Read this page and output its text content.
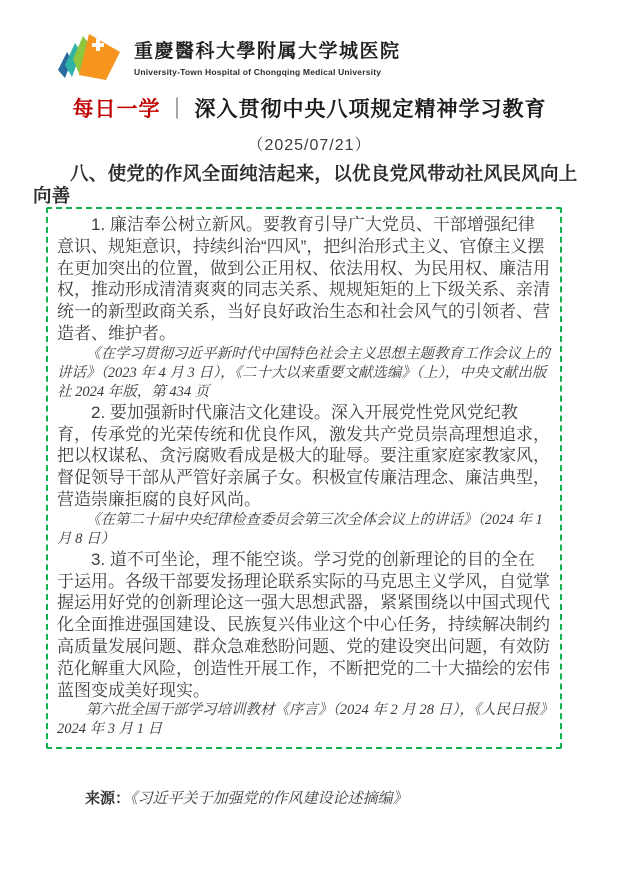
重慶醫科大學附属大学城医院
University-Town Hospital of Chongqing Medical University
每日一学 ｜ 深入贯彻中央八项规定精神学习教育
（2025/07/21）

八、使党的作风全面纯洁起来，以优良党风带动社风民风向上向善

1. 廉洁奉公树立新风。要教育引导广大党员、干部增强纪律意识、规矩意识，持续纠治“四风”，把纠治形式主义、官僚主义摆在更加突出的位置，做到公正用权、依法用权、为民用权、廉洁用权，推动形成清清爽爽的同志关系、规规矩矩的上下级关系、亲清统一的新型政商关系，当好良好政治生态和社会风气的引领者、营造者、维护者。

《在学习贯彻习近平新时代中国特色社会主义思想主题教育工作会议上的讲话》（2023 年 4 月 3 日），《二十大以来重要文献选编》（上），中央文献出版社 2024 年版，第 434 页

2. 要加强新时代廉洁文化建设。深入开展党性党风党纪教育，传承党的光荣传统和优良作风，激发共产党员崇高理想追求，把以权谋私、贪污腐败看成是极大的耻辱。要注重家庭家教家风，督促领导干部从严管好亲属子女。积极宣传廉洁理念、廉洁典型，营造崇廉拒腐的良好风尚。

《在第二十届中央纪律检查委员会第三次全体会议上的讲话》（2024 年 1 月 8 日）

3. 道不可坐论，理不能空谈。学习党的创新理论的目的全在于运用。各级干部要发扬理论联系实际的马克思主义学风，自觉掌握运用好党的创新理论这一强大思想武器，紧紧围绕以中国式现代化全面推进强国建设、民族复兴伟业这个中心任务，持续解决制约高质量发展问题、群众急难愁盼问题、党的建设突出问题，有效防范化解重大风险，创造性开展工作，不断把党的二十大描绘的宏伟蓝图变成美好现实。

第六批全国干部学习培训教材《序言》（2024 年 2 月 28 日），《人民日报》2024 年 3 月 1 日

来源：《习近平关于加强党的作风建设论述摘编》
